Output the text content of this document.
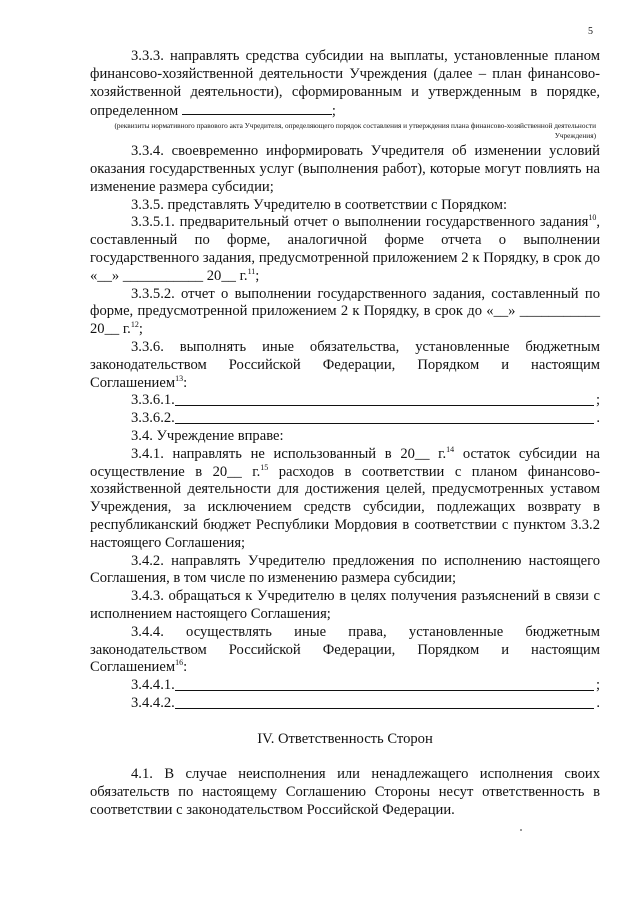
5

3.3.3. направлять средства субсидии на выплаты, установленные планом финансово-хозяйственной деятельности Учреждения (далее – план финансово-хозяйственной деятельности), сформированным и утвержденным в порядке, определенном	;

(реквизиты нормативного правового акта Учредителя, определяющего порядок составления и утверждения плана финансово-хозяйственной деятельности Учреждения)

3.3.4. своевременно информировать Учредителя об изменении условий оказания государственных услуг (выполнения работ), которые могут повлиять на изменение размера субсидии;

3.3.5. представлять Учредителю в соответствии с Порядком:

3.3.5.1. предварительный отчет о выполнении государственного задания$^{10}$, составленный по форме, аналогичной форме отчета о выполнении государственного задания, предусмотренной приложением 2 к Порядку, в срок до «__» ___________ 20__ г.$^{11}$;

3.3.5.2. отчет о выполнении государственного задания, составленный по форме, предусмотренной приложением 2 к Порядку, в срок до «__» ___________ 20__ г.$^{12}$;

3.3.6. выполнять иные обязательства, установленные бюджетным законодательством Российской Федерации, Порядком и настоящим Соглашением$^{13}$:

3.3.6.1.	;
3.3.6.2.	.

3.4. Учреждение вправе:

3.4.1. направлять не использованный в 20__ г.$^{14}$ остаток субсидии на осуществление в 20__ г.$^{15}$ расходов в соответствии с планом финансово-хозяйственной деятельности для достижения целей, предусмотренных уставом Учреждения, за исключением средств субсидии, подлежащих возврату в республиканский бюджет Республики Мордовия в соответствии с пунктом 3.3.2 настоящего Соглашения;

3.4.2. направлять Учредителю предложения по исполнению настоящего Соглашения, в том числе по изменению размера субсидии;

3.4.3. обращаться к Учредителю в целях получения разъяснений в связи с исполнением настоящего Соглашения;

3.4.4. осуществлять иные права, установленные бюджетным законодательством Российской Федерации, Порядком и настоящим Соглашением$^{16}$:

3.4.4.1.	;
3.4.4.2.	.

IV. Ответственность Сторон

4.1. В случае неисполнения или ненадлежащего исполнения своих обязательств по настоящему Соглашению Стороны несут ответственность в соответствии с законодательством Российской Федерации.
